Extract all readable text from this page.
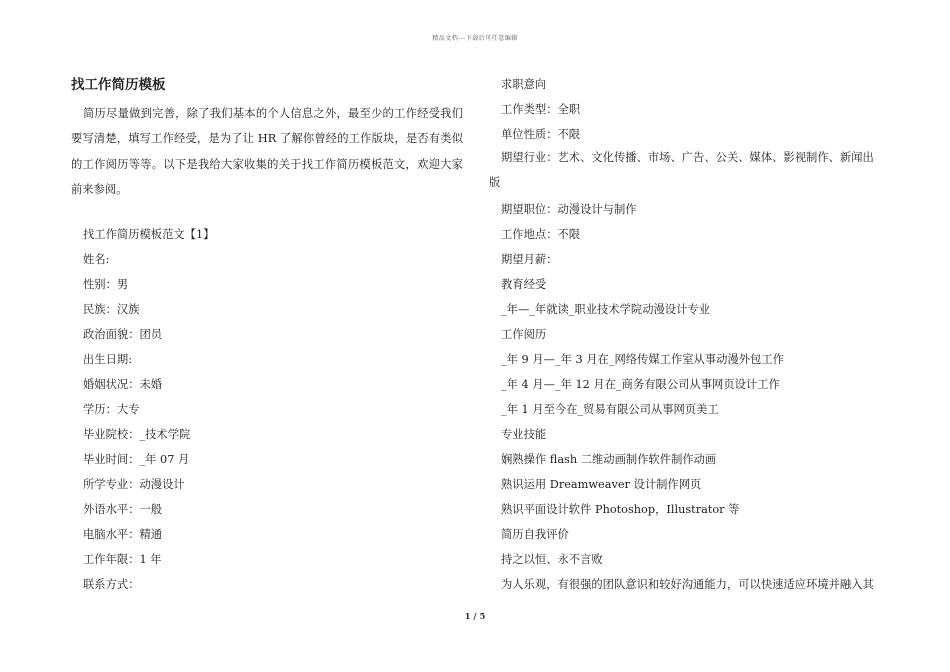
精品文档---下载后可任意编辑
找工作简历模板
简历尽量做到完善，除了我们基本的个人信息之外，最至少的工作经受我们要写清楚，填写工作经受，是为了让 HR 了解你曾经的工作版块，是否有类似的工作阅历等等。以下是我给大家收集的关于找工作简历模板范文，欢迎大家前来参阅。
找工作简历模板范文【1】
姓名:
性别：男
民族：汉族
政治面貌：团员
出生日期:
婚姻状况：未婚
学历：大专
毕业院校：_技术学院
毕业时间：_年 07 月
所学专业：动漫设计
外语水平：一般
电脑水平：精通
工作年限：1 年
联系方式：
求职意向
工作类型：全职
单位性质：不限
期望行业：艺术、文化传播、市场、广告、公关、媒体、影视制作、新闻出版
期望职位：动漫设计与制作
工作地点：不限
期望月薪：
教育经受
_年—_年就读_职业技术学院动漫设计专业
工作阅历
_年 9 月—_年 3 月在_网络传媒工作室从事动漫外包工作
_年 4 月—_年 12 月在_商务有限公司从事网页设计工作
_年 1 月至今在_贸易有限公司从事网页美工
专业技能
娴熟操作 flash 二维动画制作软件制作动画
熟识运用 Dreamweaver 设计制作网页
熟识平面设计软件 Photoshop，Illustrator 等
简历自我评价
持之以恒、永不言败
为人乐观，有很强的团队意识和较好沟通能力，可以快速适应环境并融入其
1 / 5
